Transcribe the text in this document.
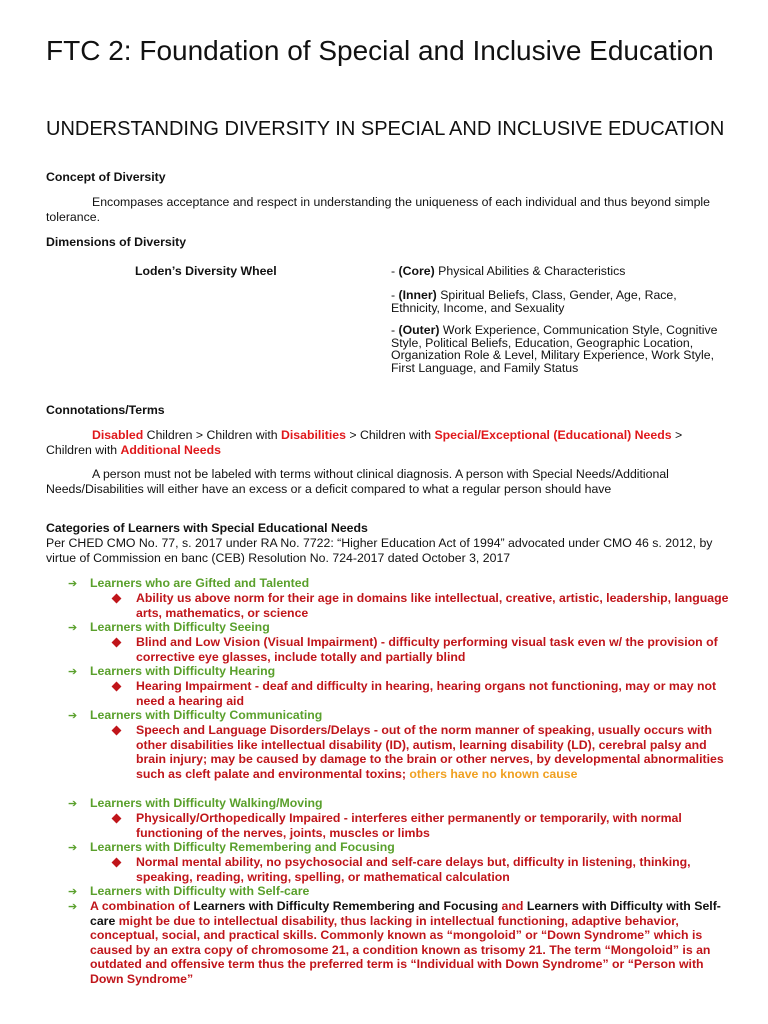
FTC 2: Foundation of Special and Inclusive Education
UNDERSTANDING DIVERSITY IN SPECIAL AND INCLUSIVE EDUCATION
Concept of Diversity
Encompases acceptance and respect in understanding the uniqueness of each individual and thus beyond simple tolerance.
Dimensions of Diversity
Loden’s Diversity Wheel	- (Core) Physical Abilities & Characteristics
- (Inner) Spiritual Beliefs, Class, Gender, Age, Race, Ethnicity, Income, and Sexuality
- (Outer) Work Experience, Communication Style, Cognitive Style, Political Beliefs, Education, Geographic Location, Organization Role & Level, Military Experience, Work Style, First Language, and Family Status
Connotations/Terms
Disabled Children > Children with Disabilities > Children with Special/Exceptional (Educational) Needs > Children with Additional Needs
A person must not be labeled with terms without clinical diagnosis. A person with Special Needs/Additional Needs/Disabilities will either have an excess or a deficit compared to what a regular person should have
Categories of Learners with Special Educational Needs
Per CHED CMO No. 77, s. 2017 under RA No. 7722: “Higher Education Act of 1994” advocated under CMO 46 s. 2012, by virtue of Commission en banc (CEB) Resolution No. 724-2017 dated October 3, 2017
➔ Learners who are Gifted and Talented
Ability us above norm for their age in domains like intellectual, creative, artistic, leadership, language arts, mathematics, or science
➔ Learners with Difficulty Seeing
Blind and Low Vision (Visual Impairment) - difficulty performing visual task even w/ the provision of corrective eye glasses, include totally and partially blind
➔ Learners with Difficulty Hearing
Hearing Impairment - deaf and difficulty in hearing, hearing organs not functioning, may or may not need a hearing aid
➔ Learners with Difficulty Communicating
Speech and Language Disorders/Delays - out of the norm manner of speaking, usually occurs with other disabilities like intellectual disability (ID), autism, learning disability (LD), cerebral palsy and brain injury; may be caused by damage to the brain or other nerves, by developmental abnormalities such as cleft palate and environmental toxins; others have no known cause
➔ Learners with Difficulty Walking/Moving
Physically/Orthopedically Impaired - interferes either permanently or temporarily, with normal functioning of the nerves, joints, muscles or limbs
➔ Learners with Difficulty Remembering and Focusing
Normal mental ability, no psychosocial and self-care delays but, difficulty in listening, thinking, speaking, reading, writing, spelling, or mathematical calculation
➔ Learners with Difficulty with Self-care
➔ A combination of Learners with Difficulty Remembering and Focusing and Learners with Difficulty with Self-care might be due to intellectual disability, thus lacking in intellectual functioning, adaptive behavior, conceptual, social, and practical skills. Commonly known as “mongoloid” or “Down Syndrome” which is caused by an extra copy of chromosome 21, a condition known as trisomy 21. The term “Mongoloid” is an outdated and offensive term thus the preferred term is “Individual with Down Syndrome” or “Person with Down Syndrome”
